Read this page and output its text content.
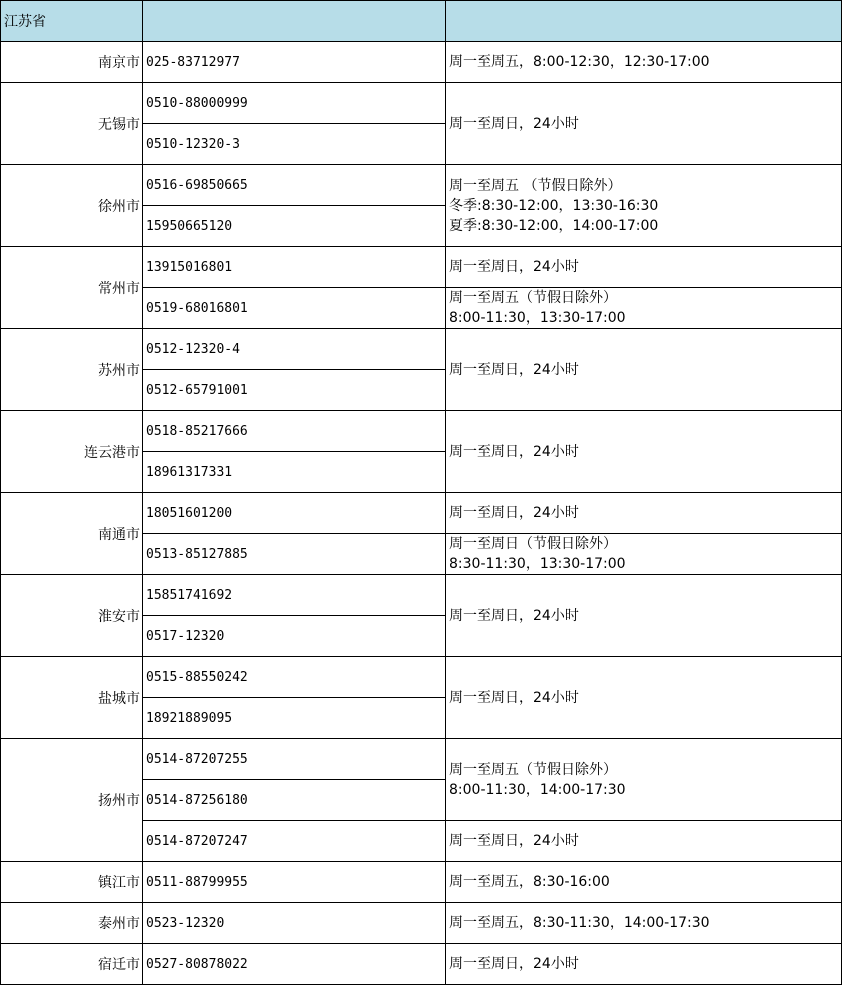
江苏省		
南京市	025-83712977	周一至周五，8:00-12:30，12:30-17:00

无锡市	0510-88000999	周一至周日，24小时

	0510-12320-3	
徐州市	0516-69850665	周一至周五 （节假日除外）
冬季:8:30-12:00，13:30-16:30
夏季:8:30-12:00，14:00-17:00

	15950665120	
常州市	13915016801	周一至周日，24小时

	0519-68016801	周一至周五（节假日除外）
8:00-11:30，13:30-17:00

苏州市	0512-12320-4	周一至周日，24小时

	0512-65791001	
连云港市	0518-85217666	周一至周日，24小时

	18961317331	
南通市	18051601200	周一至周日，24小时

	0513-85127885	周一至周日（节假日除外）
8:30-11:30，13:30-17:00

淮安市	15851741692	周一至周日，24小时

	0517-12320	
盐城市	0515-88550242	周一至周日，24小时

	18921889095	
扬州市	0514-87207255	周一至周五（节假日除外）
8:00-11:30，14:00-17:30

	0514-87256180	
	0514-87207247	周一至周日，24小时

镇江市	0511-88799955	周一至周五，8:30-16:00

泰州市	0523-12320	周一至周五，8:30-11:30，14:00-17:30

宿迁市	0527-80878022	周一至周日，24小时
